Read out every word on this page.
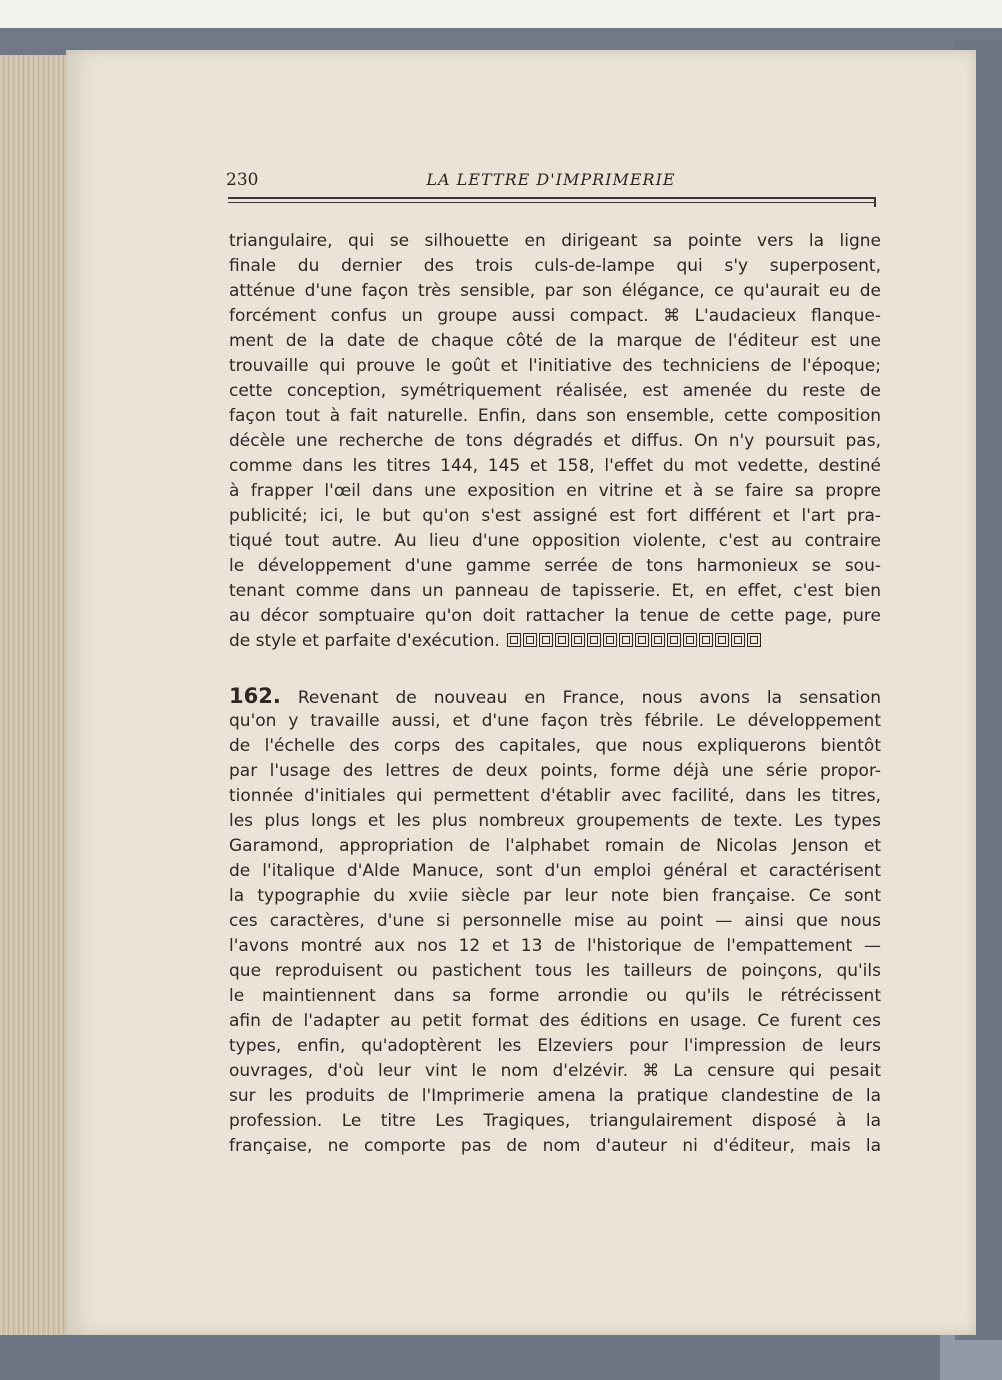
230	LA LETTRE D'IMPRIMERIE
triangulaire, qui se silhouette en dirigeant sa pointe vers la ligne
finale du dernier des trois culs-de-lampe qui s'y superposent,
atténue d'une façon très sensible, par son élégance, ce qu'aurait eu de
forcément confus un groupe aussi compact. ⌘ L'audacieux flanque-
ment de la date de chaque côté de la marque de l'éditeur est une
trouvaille qui prouve le goût et l'initiative des techniciens de l'époque;
cette conception, symétriquement réalisée, est amenée du reste de
façon tout à fait naturelle. Enfin, dans son ensemble, cette composition
décèle une recherche de tons dégradés et diffus. On n'y poursuit pas,
comme dans les titres 144, 145 et 158, l'effet du mot vedette, destiné
à frapper l'œil dans une exposition en vitrine et à se faire sa propre
publicité; ici, le but qu'on s'est assigné est fort différent et l'art pra-
tiqué tout autre. Au lieu d'une opposition violente, c'est au contraire
le développement d'une gamme serrée de tons harmonieux se sou-
tenant comme dans un panneau de tapisserie. Et, en effet, c'est bien
au décor somptuaire qu'on doit rattacher la tenue de cette page, pure
de style et parfaite d'exécution.
162. Revenant de nouveau en France, nous avons la sensation
qu'on y travaille aussi, et d'une façon très fébrile. Le développement
de l'échelle des corps des capitales, que nous expliquerons bientôt
par l'usage des lettres de deux points, forme déjà une série propor-
tionnée d'initiales qui permettent d'établir avec facilité, dans les titres,
les plus longs et les plus nombreux groupements de texte. Les types
Garamond, appropriation de l'alphabet romain de Nicolas Jenson et
de l'italique d'Alde Manuce, sont d'un emploi général et caractérisent
la typographie du xviie siècle par leur note bien française. Ce sont
ces caractères, d'une si personnelle mise au point — ainsi que nous
l'avons montré aux nos 12 et 13 de l'historique de l'empattement —
que reproduisent ou pastichent tous les tailleurs de poinçons, qu'ils
le maintiennent dans sa forme arrondie ou qu'ils le rétrécissent
afin de l'adapter au petit format des éditions en usage. Ce furent ces
types, enfin, qu'adoptèrent les Elzeviers pour l'impression de leurs
ouvrages, d'où leur vint le nom d'elzévir. ⌘ La censure qui pesait
sur les produits de l'Imprimerie amena la pratique clandestine de la
profession. Le titre Les Tragiques, triangulairement disposé à la
française, ne comporte pas de nom d'auteur ni d'éditeur, mais la
